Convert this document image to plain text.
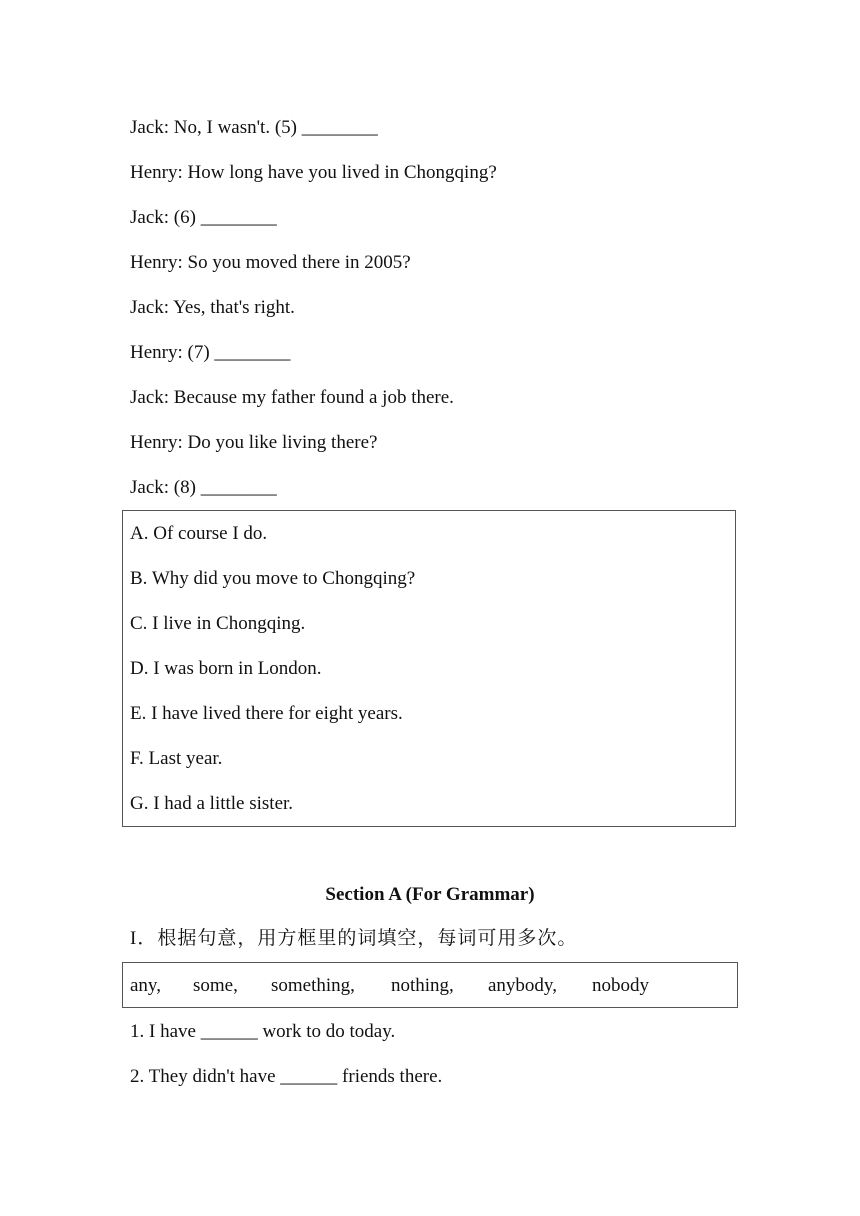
Jack: No, I wasn't. (5) ________
Henry: How long have you lived in Chongqing?
Jack: (6) ________
Henry: So you moved there in 2005?
Jack: Yes, that's right.
Henry: (7) ________
Jack: Because my father found a job there.
Henry: Do you like living there?
Jack: (8) ________
A. Of course I do.
B. Why did you move to Chongqing?
C. I live in Chongqing.
D. I was born in London.
E. I have lived there for eight years.
F. Last year.
G. I had a little sister.
Section A (For Grammar)
I．根据句意，用方框里的词填空，每词可用多次。
any, some, something, nothing, anybody, nobody
1. I have ______ work to do today.
2. They didn't have ______ friends there.
